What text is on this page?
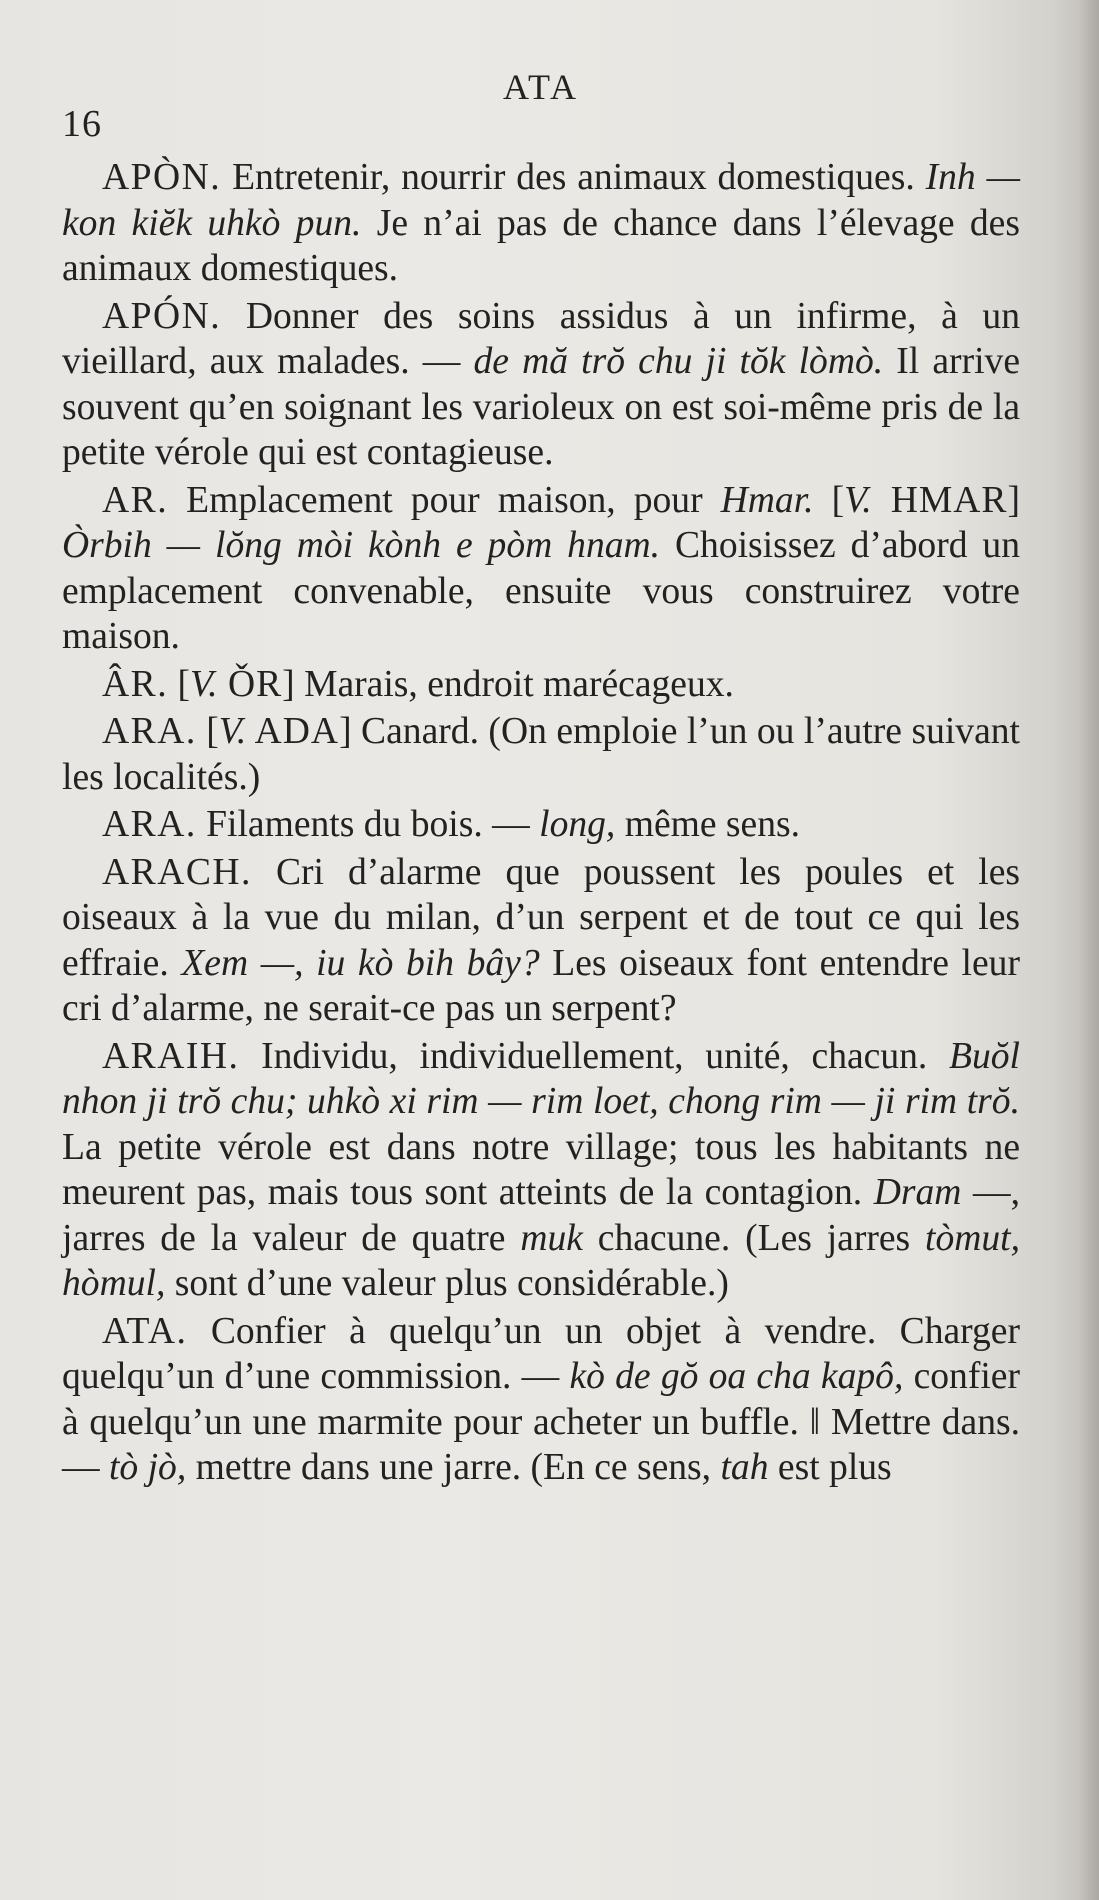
16
ATA

APÒN. Entretenir, nourrir des animaux domestiques. Inh — kon kiĕk uhkò pun. Je n’ai pas de chance dans l’élevage des animaux domestiques.

APÓN. Donner des soins assidus à un infirme, à un vieillard, aux malades. — de mă trŏ chu ji tŏk lòmò. Il arrive souvent qu’en soignant les varioleux on est soi-même pris de la petite vérole qui est contagieuse.

AR. Emplacement pour maison, pour Hmar. [V. HMAR] Òrbih — lŏng mòi kònh e pòm hnam. Choisissez d’abord un emplacement convenable, ensuite vous construirez votre maison.

ÂR. [V. ǑR] Marais, endroit marécageux.

ARA. [V. ADA] Canard. (On emploie l’un ou l’autre suivant les localités.)

ARA. Filaments du bois. — long, même sens.

ARACH. Cri d’alarme que poussent les poules et les oiseaux à la vue du milan, d’un serpent et de tout ce qui les effraie. Xem —, iu kò bih bây? Les oiseaux font entendre leur cri d’alarme, ne serait-ce pas un serpent?

ARAIH. Individu, individuellement, unité, chacun. Buŏl nhon ji trŏ chu; uhkò xi rim — rim loet, chong rim — ji rim trŏ. La petite vérole est dans notre village; tous les habitants ne meurent pas, mais tous sont atteints de la contagion. Dram —, jarres de la valeur de quatre muk chacune. (Les jarres tòmut, hòmul, sont d’une valeur plus considérable.)

ATA. Confier à quelqu’un un objet à vendre. Charger quelqu’un d’une commission. — kò de gŏ oa cha kapô, confier à quelqu’un une marmite pour acheter un buffle. ‖ Mettre dans. — tò jò, mettre dans une jarre. (En ce sens, tah est plus
